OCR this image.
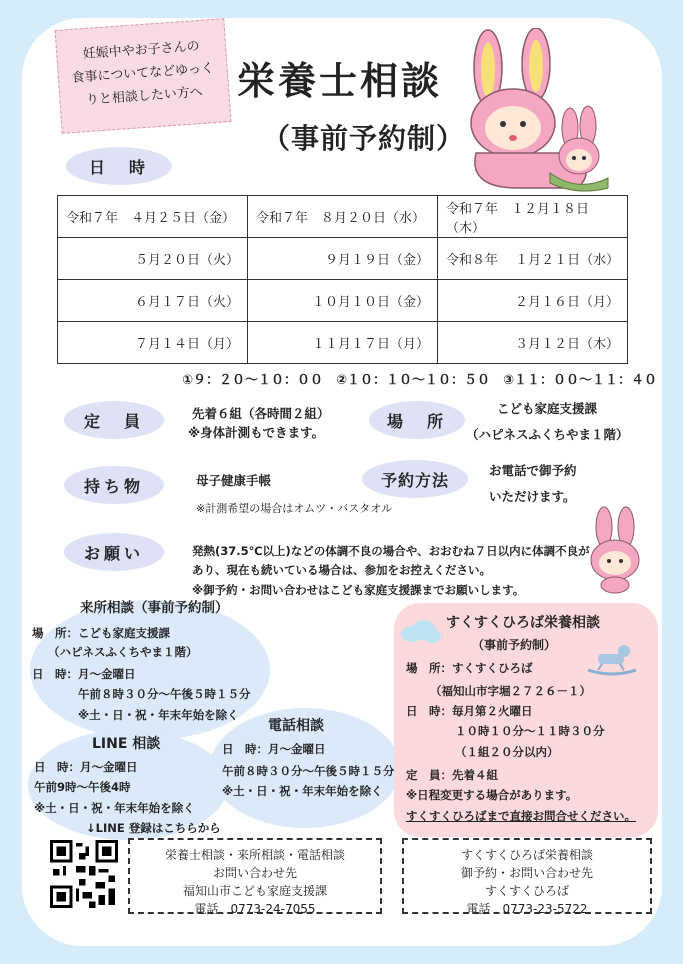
妊娠中やお子さんの
食事についてなどゆっく
りと相談したい方へ 栄養士相談
（事前予約制）
日　時
令和７年　４月２５日（金）	令和７年　８月２０日（水）	令和７年　１２月１８日（木）
５月２０日（火）	９月１９日（金）	令和８年　 １月２１日（水）
６月１７日（火）	１０月１０日（金）	２月１６日（月）
７月１４日（月）	１１月１７日（月）	３月１２日（木）
①９：２０～１０：００　②１０：１０～１０：５０　③１１：００～１１：４０
定　員	先着６組（各時間２組）
※身体計測もできます。
場　所
こども家庭支援課
（ハピネスふくちやま１階）
持ち物	母子健康手帳
※計測希望の場合はオムツ・バスタオル
予約方法	お電話で御予約
いただけます。
お願い	発熱(37.5℃以上)などの体調不良の場合や、おおむね７日以内に体調不良が
あり、現在も続いている場合は、参加をお控えください。
※御予約・お問い合わせはこども家庭支援課までお願いします。
来所相談（事前予約制）
場　所：こども家庭支援課
（ハピネスふくちやま１階）
日　時：月～金曜日
午前８時３０分～午後５時１５分
※土・日・祝・年末年始を除く
電話相談
日　時：月～金曜日
午前８時３０分～午後５時１５分
※土・日・祝・年末年始を除く
LINE 相談
日　時：月～金曜日
午前9時～午後4時
※土・日・祝・年末年始を除く
↓LINE 登録はこちらから
すくすくひろば栄養相談
（事前予約制）
場　所：すくすくひろば
（福知山市字堀２７２６－１）
日　時：毎月第２火曜日
１０時１０分～１１時３０分
（１組２０分以内）
定　員：先着４組
※日程変更する場合があります。
すくすくひろばまで直接お問合せください。
栄養士相談・来所相談・電話相談
お問い合わせ先
福知山市こども家庭支援課
電話　0773-24-7055
すくすくひろば栄養相談
御予約・お問い合わせ先
すくすくひろば
電話　0773-23-5722
